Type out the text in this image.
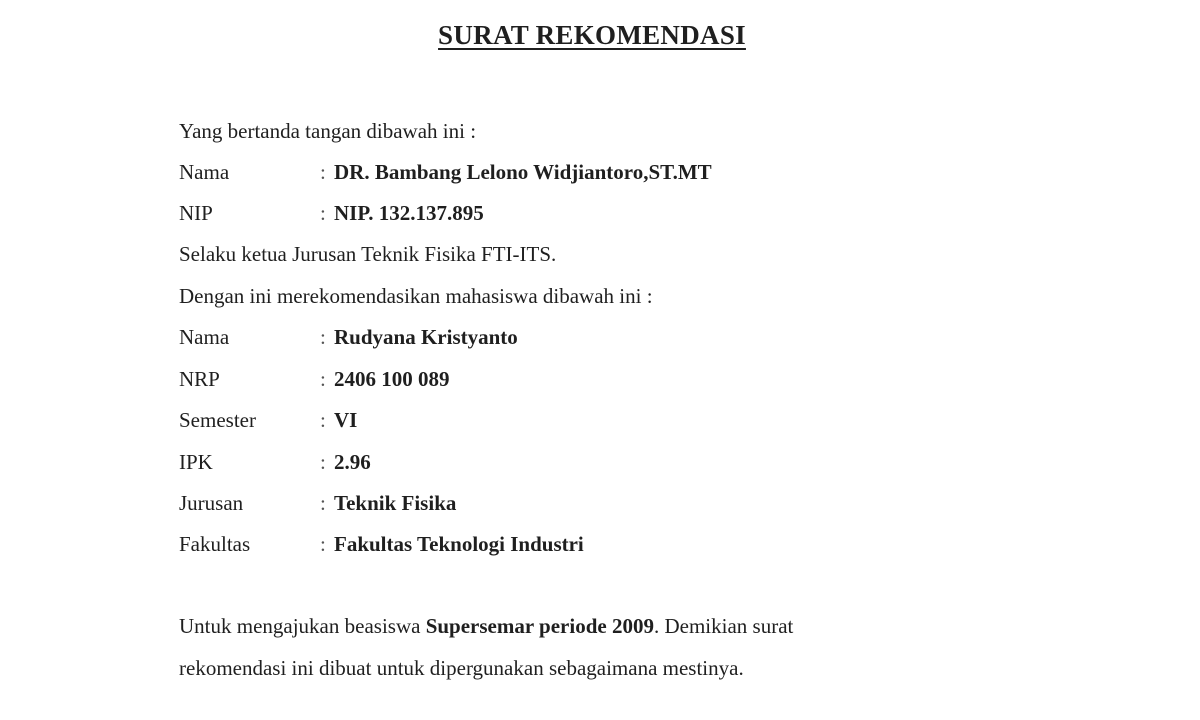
SURAT REKOMENDASI
Yang bertanda tangan dibawah ini :
Nama	: DR. Bambang Lelono Widjiantoro,ST.MT
NIP	: NIP. 132.137.895
Selaku ketua Jurusan Teknik Fisika FTI-ITS.
Dengan ini merekomendasikan mahasiswa dibawah ini :
Nama	: Rudyana Kristyanto
NRP	: 2406 100 089
Semester	: VI
IPK	: 2.96
Jurusan	: Teknik Fisika
Fakultas	: Fakultas Teknologi Industri
Untuk mengajukan beasiswa Supersemar periode 2009. Demikian surat
rekomendasi ini dibuat untuk dipergunakan sebagaimana mestinya.
